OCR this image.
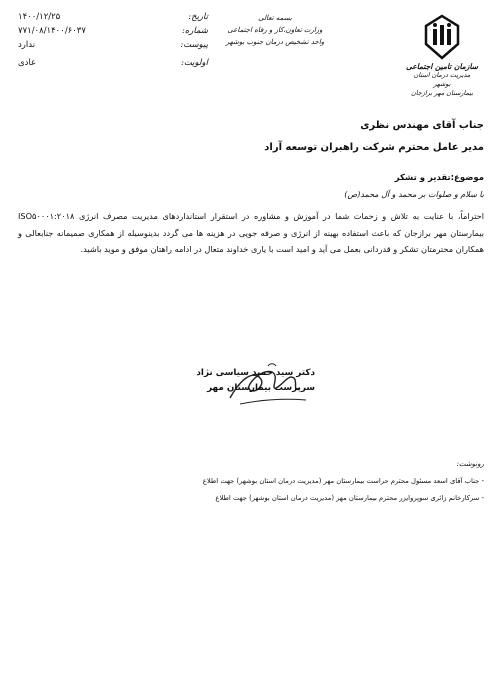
تاریخ:
۱۴۰۰/۱۲/۲۵
شماره:
۷۷۱/۰۸/۱۴۰۰/۶۰۳۷
پیوست:
ندارد
اولویت:
عادی
بسمه تعالی
وزارت تعاون،کار و رفاه اجتماعی
واحد تشخیص درمان جنوب بوشهر
سازمان تامین اجتماعی
مدیریت درمان استان بوشهر
بیمارستان مهر برازجان
جناب آقای مهندس نظری
مدیر عامل محترم شرکت راهبران توسعه آراد
موضوع:تقدیر و تشکر
با سلام و صلوات بر محمد و آل محمد(ص)
احتراماً، با عنایت به تلاش و زحمات شما در آموزش و مشاوره در استقرار استانداردهای مدیریت مصرف انرژی ISO۵۰۰۰۱:۲۰۱۸ بیمارستان مهر برازجان که باعث استفاده بهینه از انرژی و صرفه جویی در هزینه ها می گردد بدینوسیله از همکاری صمیمانه جنابعالی و همکاران محترمتان تشکر و قدردانی بعمل می آید و امید است با یاری خداوند متعال در ادامه راهتان موفق و موید باشید.
دکتر سید حمید سیاسی نژاد
سرپرست بیمارستان مهر
رونوشت:
- جناب آقای اسعد مسئول محترم حراست بیمارستان مهر (مدیریت درمان استان بوشهر) جهت اطلاع
- سرکارخانم زائری سوپروایزر محترم بیمارستان مهر (مدیریت درمان استان بوشهر) جهت اطلاع
